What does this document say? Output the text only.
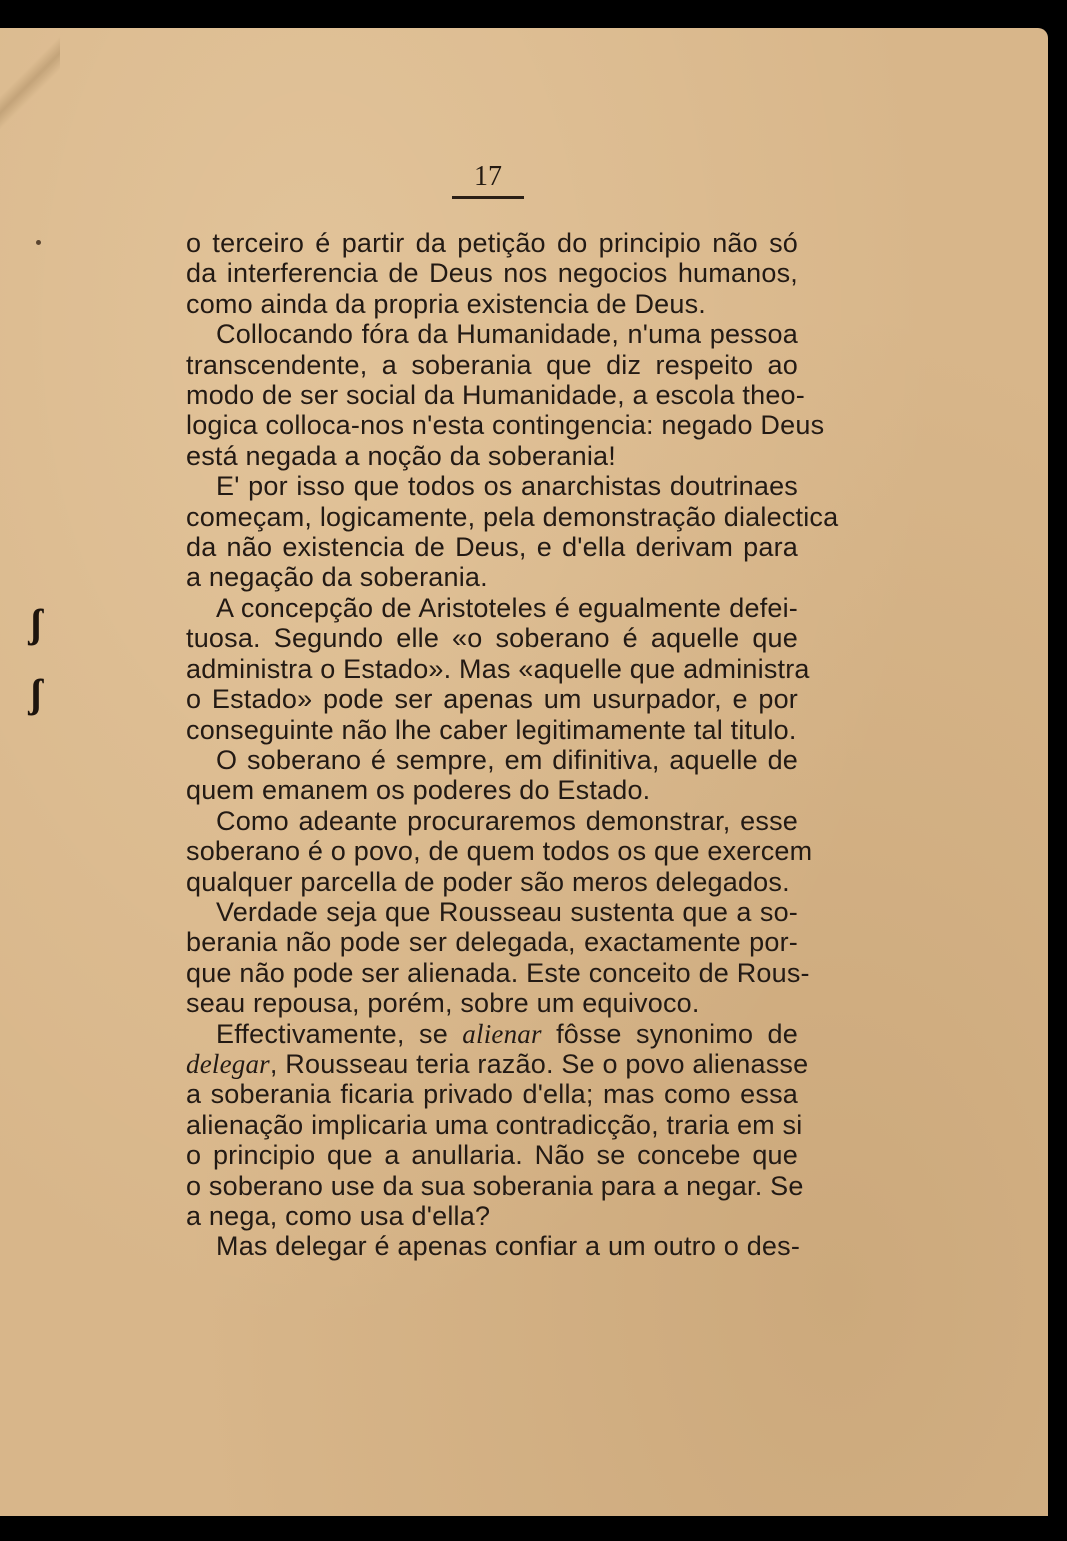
17
o terceiro é partir da petição do principio não só
da interferencia de Deus nos negocios humanos,
como ainda da propria existencia de Deus.
Collocando fóra da Humanidade, n'uma pessoa
transcendente, a soberania que diz respeito ao
modo de ser social da Humanidade, a escola theo-
logica colloca-nos n'esta contingencia: negado Deus
está negada a noção da soberania!
E' por isso que todos os anarchistas doutrinaes
começam, logicamente, pela demonstração dialectica
da não existencia de Deus, e d'ella derivam para
a negação da soberania.
A concepção de Aristoteles é egualmente defei-
tuosa. Segundo elle «o soberano é aquelle que
administra o Estado». Mas «aquelle que administra
o Estado» pode ser apenas um usurpador, e por
conseguinte não lhe caber legitimamente tal titulo.
O soberano é sempre, em difinitiva, aquelle de
quem emanem os poderes do Estado.
Como adeante procuraremos demonstrar, esse
soberano é o povo, de quem todos os que exercem
qualquer parcella de poder são meros delegados.
Verdade seja que Rousseau sustenta que a so-
berania não pode ser delegada, exactamente por-
que não pode ser alienada. Este conceito de Rous-
seau repousa, porém, sobre um equivoco.
Effectivamente, se alienar fôsse synonimo de
delegar, Rousseau teria razão. Se o povo alienasse
a soberania ficaria privado d'ella; mas como essa
alienação implicaria uma contradicção, traria em si
o principio que a anullaria. Não se concebe que
o soberano use da sua soberania para a negar. Se
a nega, como usa d'ella?
Mas delegar é apenas confiar a um outro o des-
ʃ
ʃ
